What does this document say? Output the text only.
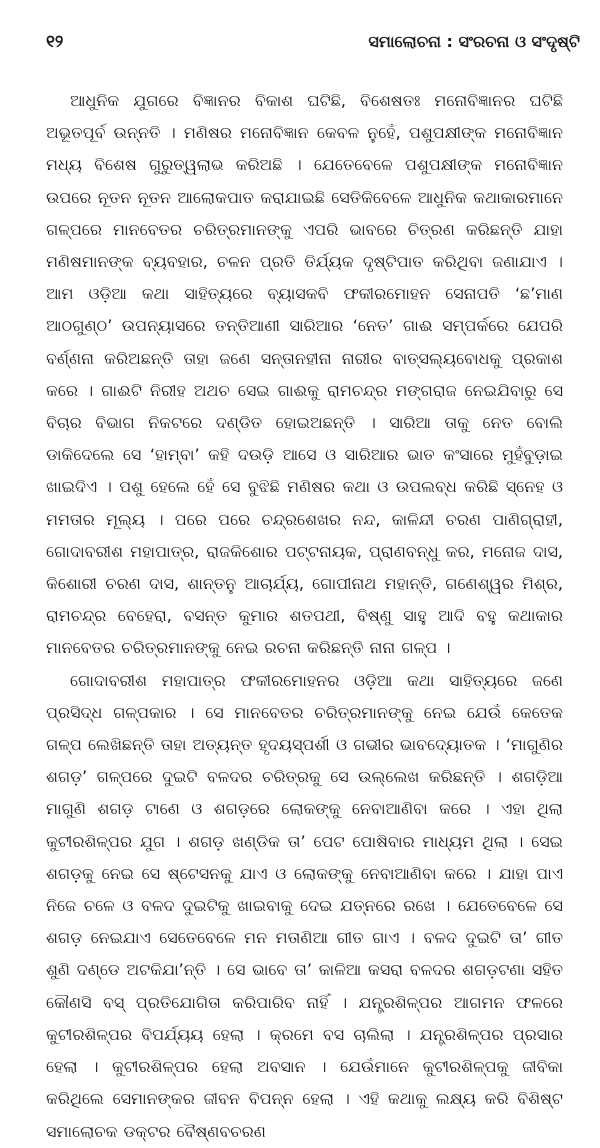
୧୨	ସମାଲୋଚନା : ସଂରଚନା ଓ ସଂଦୃଷ୍ଟି

ଆଧୁନିକ ଯୁଗରେ ବିଜ୍ଞାନର ବିକାଶ ଘଟିଛି, ବିଶେଷତଃ ମନୋବିଜ୍ଞାନର ଘଟିଛି ଅଭୂତପୂର୍ବ ଉନ୍ନତି । ମଣିଷର ମନୋବିଜ୍ଞାନ କେବଳ ନୁହେଁ, ପଶୁପକ୍ଷୀଙ୍କ ମନୋବିଜ୍ଞାନ ମଧ୍ୟ ବିଶେଷ ଗୁରୁତ୍ୱଲାଭ କରିଅଛି । ଯେତେବେଳେ ପଶୁପକ୍ଷୀଙ୍କ ମନୋବିଜ୍ଞାନ ଉପରେ ନୂତନ ନୂତନ ଆଲୋକପାତ କରାଯାଇଛି ସେତିକିବେଳେ ଆଧୁନିକ କଥାକାରମାନେ ଗଳ୍ପରେ ମାନବେତର ଚରିତ୍ରମାନଙ୍କୁ ଏପରି ଭାବରେ ଚିତ୍ରଣ କରିଛନ୍ତି ଯାହା ମଣିଷମାନଙ୍କ ବ୍ୟବହାର, ଚଳନ ପ୍ରତି ତିର୍ଯ୍ୟକ ଦୃଷ୍ଟିପାତ କରିଥିବା ଜଣାଯାଏ । ଆମ ଓଡ଼ିଆ କଥା ସାହିତ୍ୟରେ ବ୍ୟାସକବି ଫକୀରମୋହନ ସେନାପତି ‘ଛ’ମାଣ ଆଠଗୁଣ୍ଠ’ ଉପନ୍ୟାସରେ ତନ୍ତିଆଣୀ ସାରିଆର ‘ନେତ’ ଗାଈ ସମ୍ପର୍କରେ ଯେପରି ବର୍ଣ୍ଣନା କରିଅଛନ୍ତି ତାହା ଜଣେ ସନ୍ତାନହୀନା ନାରୀର ବାତ୍ସଲ୍ୟବୋଧକୁ ପ୍ରକାଶ କରେ । ଗାଈଟି ନିରୀହ ଅଥଚ ସେଇ ଗାଈକୁ ରାମଚନ୍ଦ୍ର ମଙ୍ଗରାଜ ନେଇଯିବାରୁ ସେ ବିଚାର ବିଭାଗ ନିକଟରେ ଦଣ୍ଡିତ ହୋଇଅଛନ୍ତି । ସାରିଆ ତାକୁ ନେତ ବୋଲି ଡାକିଦେଲେ ସେ ‘ହାମ୍ବା’ କହି ଦଉଡ଼ି ଆସେ ଓ ସାରିଆର ଭାତ କଂସାରେ ମୁହଁବୁଡ଼ାଇ ଖାଇଦିଏ । ପଶୁ ହେଲେ ହେଁ ସେ ବୁଝିଛି ମଣିଷର କଥା ଓ ଉପଲବ୍ଧ କରିଛି ସ୍ନେହ ଓ ମମତାର ମୂଲ୍ୟ । ପରେ ପରେ ଚନ୍ଦ୍ରଶେଖର ନନ୍ଦ, କାଳିନ୍ଦୀ ଚରଣ ପାଣିଗ୍ରାହୀ, ଗୋଦାବରୀଶ ମହାପାତ୍ର, ରାଜକିଶୋର ପଟ୍ଟନାୟକ, ପ୍ରାଣବନ୍ଧୁ କର, ମନୋଜ ଦାସ, କିଶୋରୀ ଚରଣ ଦାସ, ଶାନ୍ତନୁ ଆଚାର୍ଯ୍ୟ, ଗୋପୀନାଥ ମହାନ୍ତି, ଗଣେଶ୍ୱର ମିଶ୍ର, ରାମଚନ୍ଦ୍ର ବେହେରା, ବସନ୍ତ କୁମାର ଶତପଥୀ, ବିଷ୍ଣୁ ସାହୁ ଆଦି ବହୁ କଥାକାର ମାନବେତର ଚରିତ୍ରମାନଙ୍କୁ ନେଇ ରଚନା କରିଛନ୍ତି ନାନା ଗଳ୍ପ ।

ଗୋଦାବରୀଶ ମହାପାତ୍ର ଫକୀରମୋହନର ଓଡ଼ିଆ କଥା ସାହିତ୍ୟରେ ଜଣେ ପ୍ରସିଦ୍ଧ ଗଳ୍ପକାର । ସେ ମାନବେତର ଚରିତ୍ରମାନଙ୍କୁ ନେଇ ଯେଉଁ କେତେକ ଗଳ୍ପ ଲେଖିଛନ୍ତି ତାହା ଅତ୍ୟନ୍ତ ହୃଦୟସ୍ପର୍ଶୀ ଓ ଗଭୀର ଭାବଦ୍ୟୋତକ । ‘ମାଗୁଣିର ଶଗଡ଼’ ଗଳ୍ପରେ ଦୁଇଟି ବଳଦର ଚରିତ୍ରକୁ ସେ ଉଲ୍ଲେଖ କରିଛନ୍ତି । ଶଗଡ଼ିଆ ମାଗୁଣି ଶଗଡ଼ ଟାଣେ ଓ ଶଗଡ଼ରେ ଲୋକଙ୍କୁ ନେବାଆଣିବା କରେ । ଏହା ଥିଲା କୁଟୀରଶିଳ୍ପର ଯୁଗ । ଶଗଡ଼ ଖଣ୍ଡିକ ତା’ ପେଟ ପୋଷିବାର ମାଧ୍ୟମ ଥିଲା । ସେଇ ଶଗଡ଼କୁ ନେଇ ସେ ଷ୍ଟେସନକୁ ଯାଏ ଓ ଲୋକଙ୍କୁ ନେବାଆଣିବା କରେ । ଯାହା ପାଏ ନିଜେ ଚଳେ ଓ ବଳଦ ଦୁଇଟିକୁ ଖାଇବାକୁ ଦେଇ ଯତ୍ନରେ ରଖେ । ଯେତେବେଳେ ସେ ଶଗଡ଼ ନେଇଯାଏ ସେତେବେଳେ ମନ ମତାଣିଆ ଗୀତ ଗାଏ । ବଳଦ ଦୁଇଟି ତା’ ଗୀତ ଶୁଣି ଦଣ୍ଡେ ଅଟକିଯା’ନ୍ତି । ସେ ଭାବେ ତା’ କାଳିଆ କସରା ବଳଦର ଶଗଡ଼ଟଣା ସହିତ କୌଣସି ବସ୍ ପ୍ରତିଯୋଗିତା କରିପାରିବ ନାହିଁ । ଯନ୍ତ୍ରଶିଳ୍ପର ଆଗମନ ଫଳରେ କୁଟୀରଶିଳ୍ପର ବିପର୍ଯ୍ୟୟ ହେଲା । କ୍ରମେ ବସ ଚାଲିଲା । ଯନ୍ତ୍ରଶିଳ୍ପର ପ୍ରସାର ହେଲା । କୁଟୀରଶିଳ୍ପର ହେଲା ଅବସାନ । ଯେଉଁମାନେ କୁଟୀରଶିଳ୍ପକୁ ଜୀବିକା କରିଥିଲେ ସେମାନଙ୍କର ଜୀବନ ବିପନ୍ନ ହେଲା । ଏହି କଥାକୁ ଲକ୍ଷ୍ୟ କରି ବିଶିଷ୍ଟ ସମାଲୋଚକ ଡକ୍ଟର ବୈଷ୍ଣବଚରଣ
